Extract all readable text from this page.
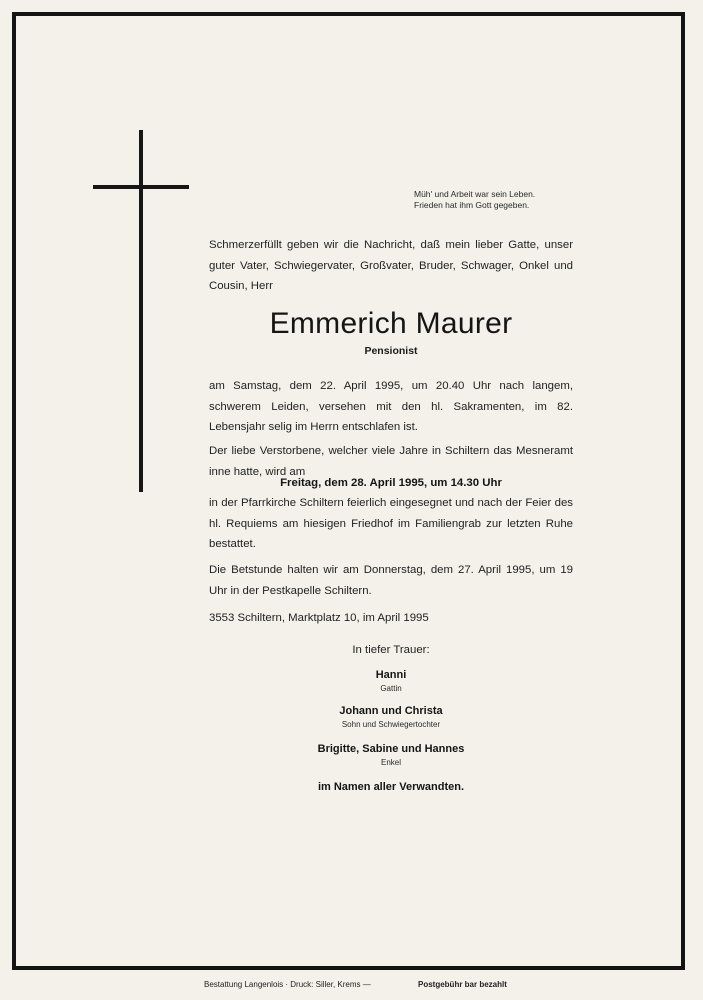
Müh' und Arbeit war sein Leben.
Frieden hat ihm Gott gegeben.
Schmerzerfüllt geben wir die Nachricht, daß mein lieber Gatte, unser guter Vater, Schwiegervater, Großvater, Bruder, Schwager, Onkel und Cousin, Herr
Emmerich Maurer
Pensionist
am Samstag, dem 22. April 1995, um 20.40 Uhr nach langem, schwerem Leiden, versehen mit den hl. Sakramenten, im 82. Lebensjahr selig im Herrn entschlafen ist.
Der liebe Verstorbene, welcher viele Jahre in Schiltern das Mesneramt inne hatte, wird am
Freitag, dem 28. April 1995, um 14.30 Uhr
in der Pfarrkirche Schiltern feierlich eingesegnet und nach der Feier des hl. Requiems am hiesigen Friedhof im Familiengrab zur letzten Ruhe bestattet.
Die Betstunde halten wir am Donnerstag, dem 27. April 1995, um 19 Uhr in der Pestkapelle Schiltern.
3553 Schiltern, Marktplatz 10, im April 1995
In tiefer Trauer:
Hanni
Gattin
Johann und Christa
Sohn und Schwiegertochter
Brigitte, Sabine und Hannes
Enkel
im Namen aller Verwandten.
Bestattung Langenlois · Druck: Siller, Krems —	Postgebühr bar bezahlt
